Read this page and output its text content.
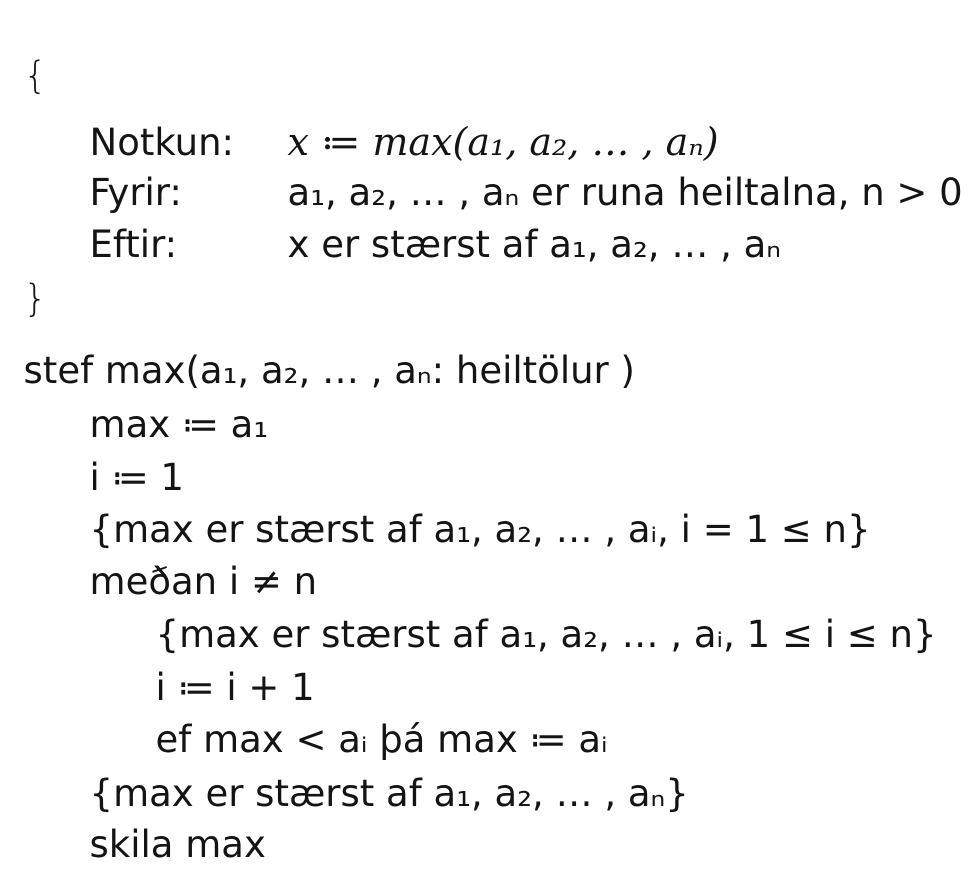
{

Notkun: x ≔ max(a₁, a₂, … , aₙ)

Fyrir:	a₁, a₂, … , aₙ er runa heiltalna, n > 0

Eftir:	x er stærst af a₁, a₂, … , aₙ

}

stef max(a₁, a₂, … , aₙ: heiltölur )

max ≔ a₁

i ≔ 1

{max er stærst af a₁, a₂, … , aᵢ, i = 1 ≤ n}

meðan i ≠ n

{max er stærst af a₁, a₂, … , aᵢ, 1 ≤ i ≤ n}

i ≔ i + 1

ef max < aᵢ þá max ≔ aᵢ

{max er stærst af a₁, a₂, … , aₙ}

skila max
